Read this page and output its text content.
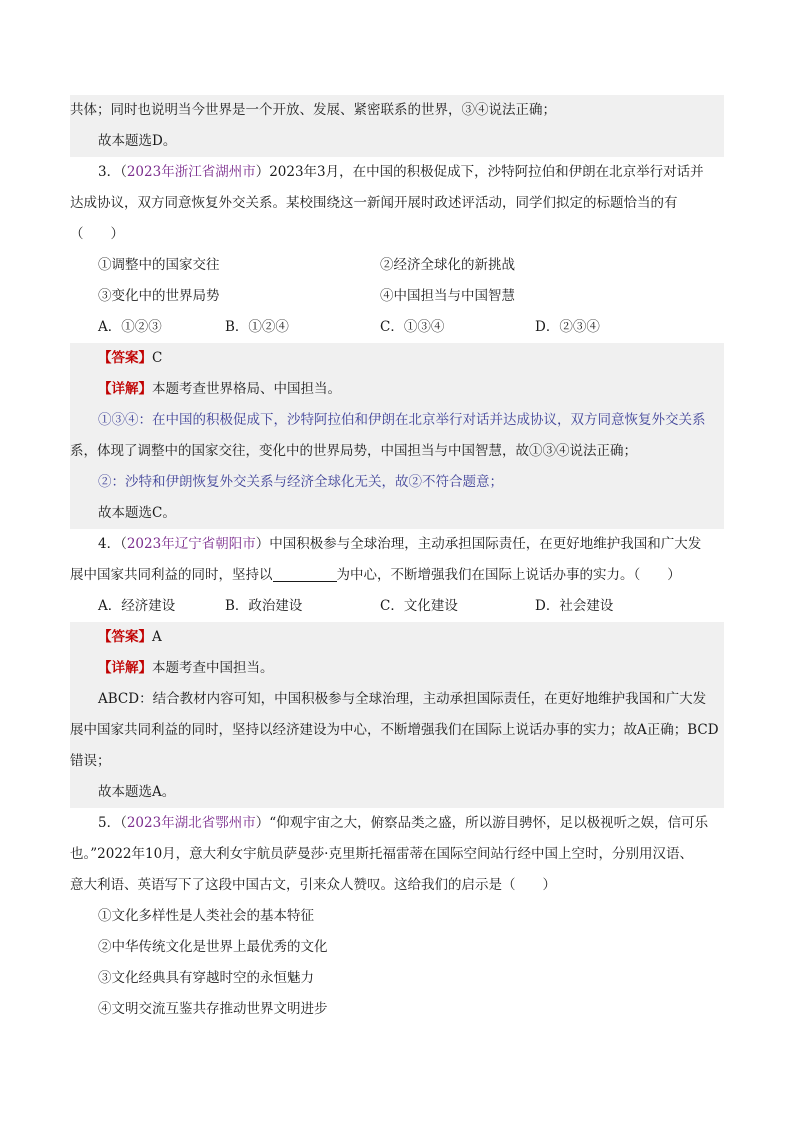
共体；同时也说明当今世界是一个开放、发展、紧密联系的世界，③④说法正确；
故本题选D。
3．（2023年浙江省湖州市）2023年3月，在中国的积极促成下，沙特阿拉伯和伊朗在北京举行对话并
达成协议，双方同意恢复外交关系。某校围绕这一新闻开展时政述评活动，同学们拟定的标题恰当的有
（　　）
①调整中的国家交往	②经济全球化的新挑战
③变化中的世界局势	④中国担当与中国智慧
A．①②③	B．①②④	C．①③④	D．②③④
【答案】C
【详解】本题考查世界格局、中国担当。
①③④：在中国的积极促成下，沙特阿拉伯和伊朗在北京举行对话并达成协议，双方同意恢复外交关系
系，体现了调整中的国家交往，变化中的世界局势，中国担当与中国智慧，故①③④说法正确；
②：沙特和伊朗恢复外交关系与经济全球化无关，故②不符合题意；
故本题选C。
4．（2023年辽宁省朝阳市）中国积极参与全球治理，主动承担国际责任，在更好地维护我国和广大发
展中国家共同利益的同时，坚持以	为中心，不断增强我们在国际上说话办事的实力。（　　）
A．经济建设	B．政治建设	C．文化建设	D．社会建设
【答案】A
【详解】本题考查中国担当。
ABCD：结合教材内容可知，中国积极参与全球治理，主动承担国际责任，在更好地维护我国和广大发
展中国家共同利益的同时，坚持以经济建设为中心，不断增强我们在国际上说话办事的实力；故A正确；BCD
错误；
故本题选A。
5．（2023年湖北省鄂州市）“仰观宇宙之大，俯察品类之盛，所以游目骋怀，足以极视听之娱，信可乐
也。”2022年10月，意大利女宇航员萨曼莎·克里斯托福雷蒂在国际空间站行经中国上空时，分别用汉语、
意大利语、英语写下了这段中国古文，引来众人赞叹。这给我们的启示是（　　）
①文化多样性是人类社会的基本特征
②中华传统文化是世界上最优秀的文化
③文化经典具有穿越时空的永恒魅力
④文明交流互鉴共存推动世界文明进步
